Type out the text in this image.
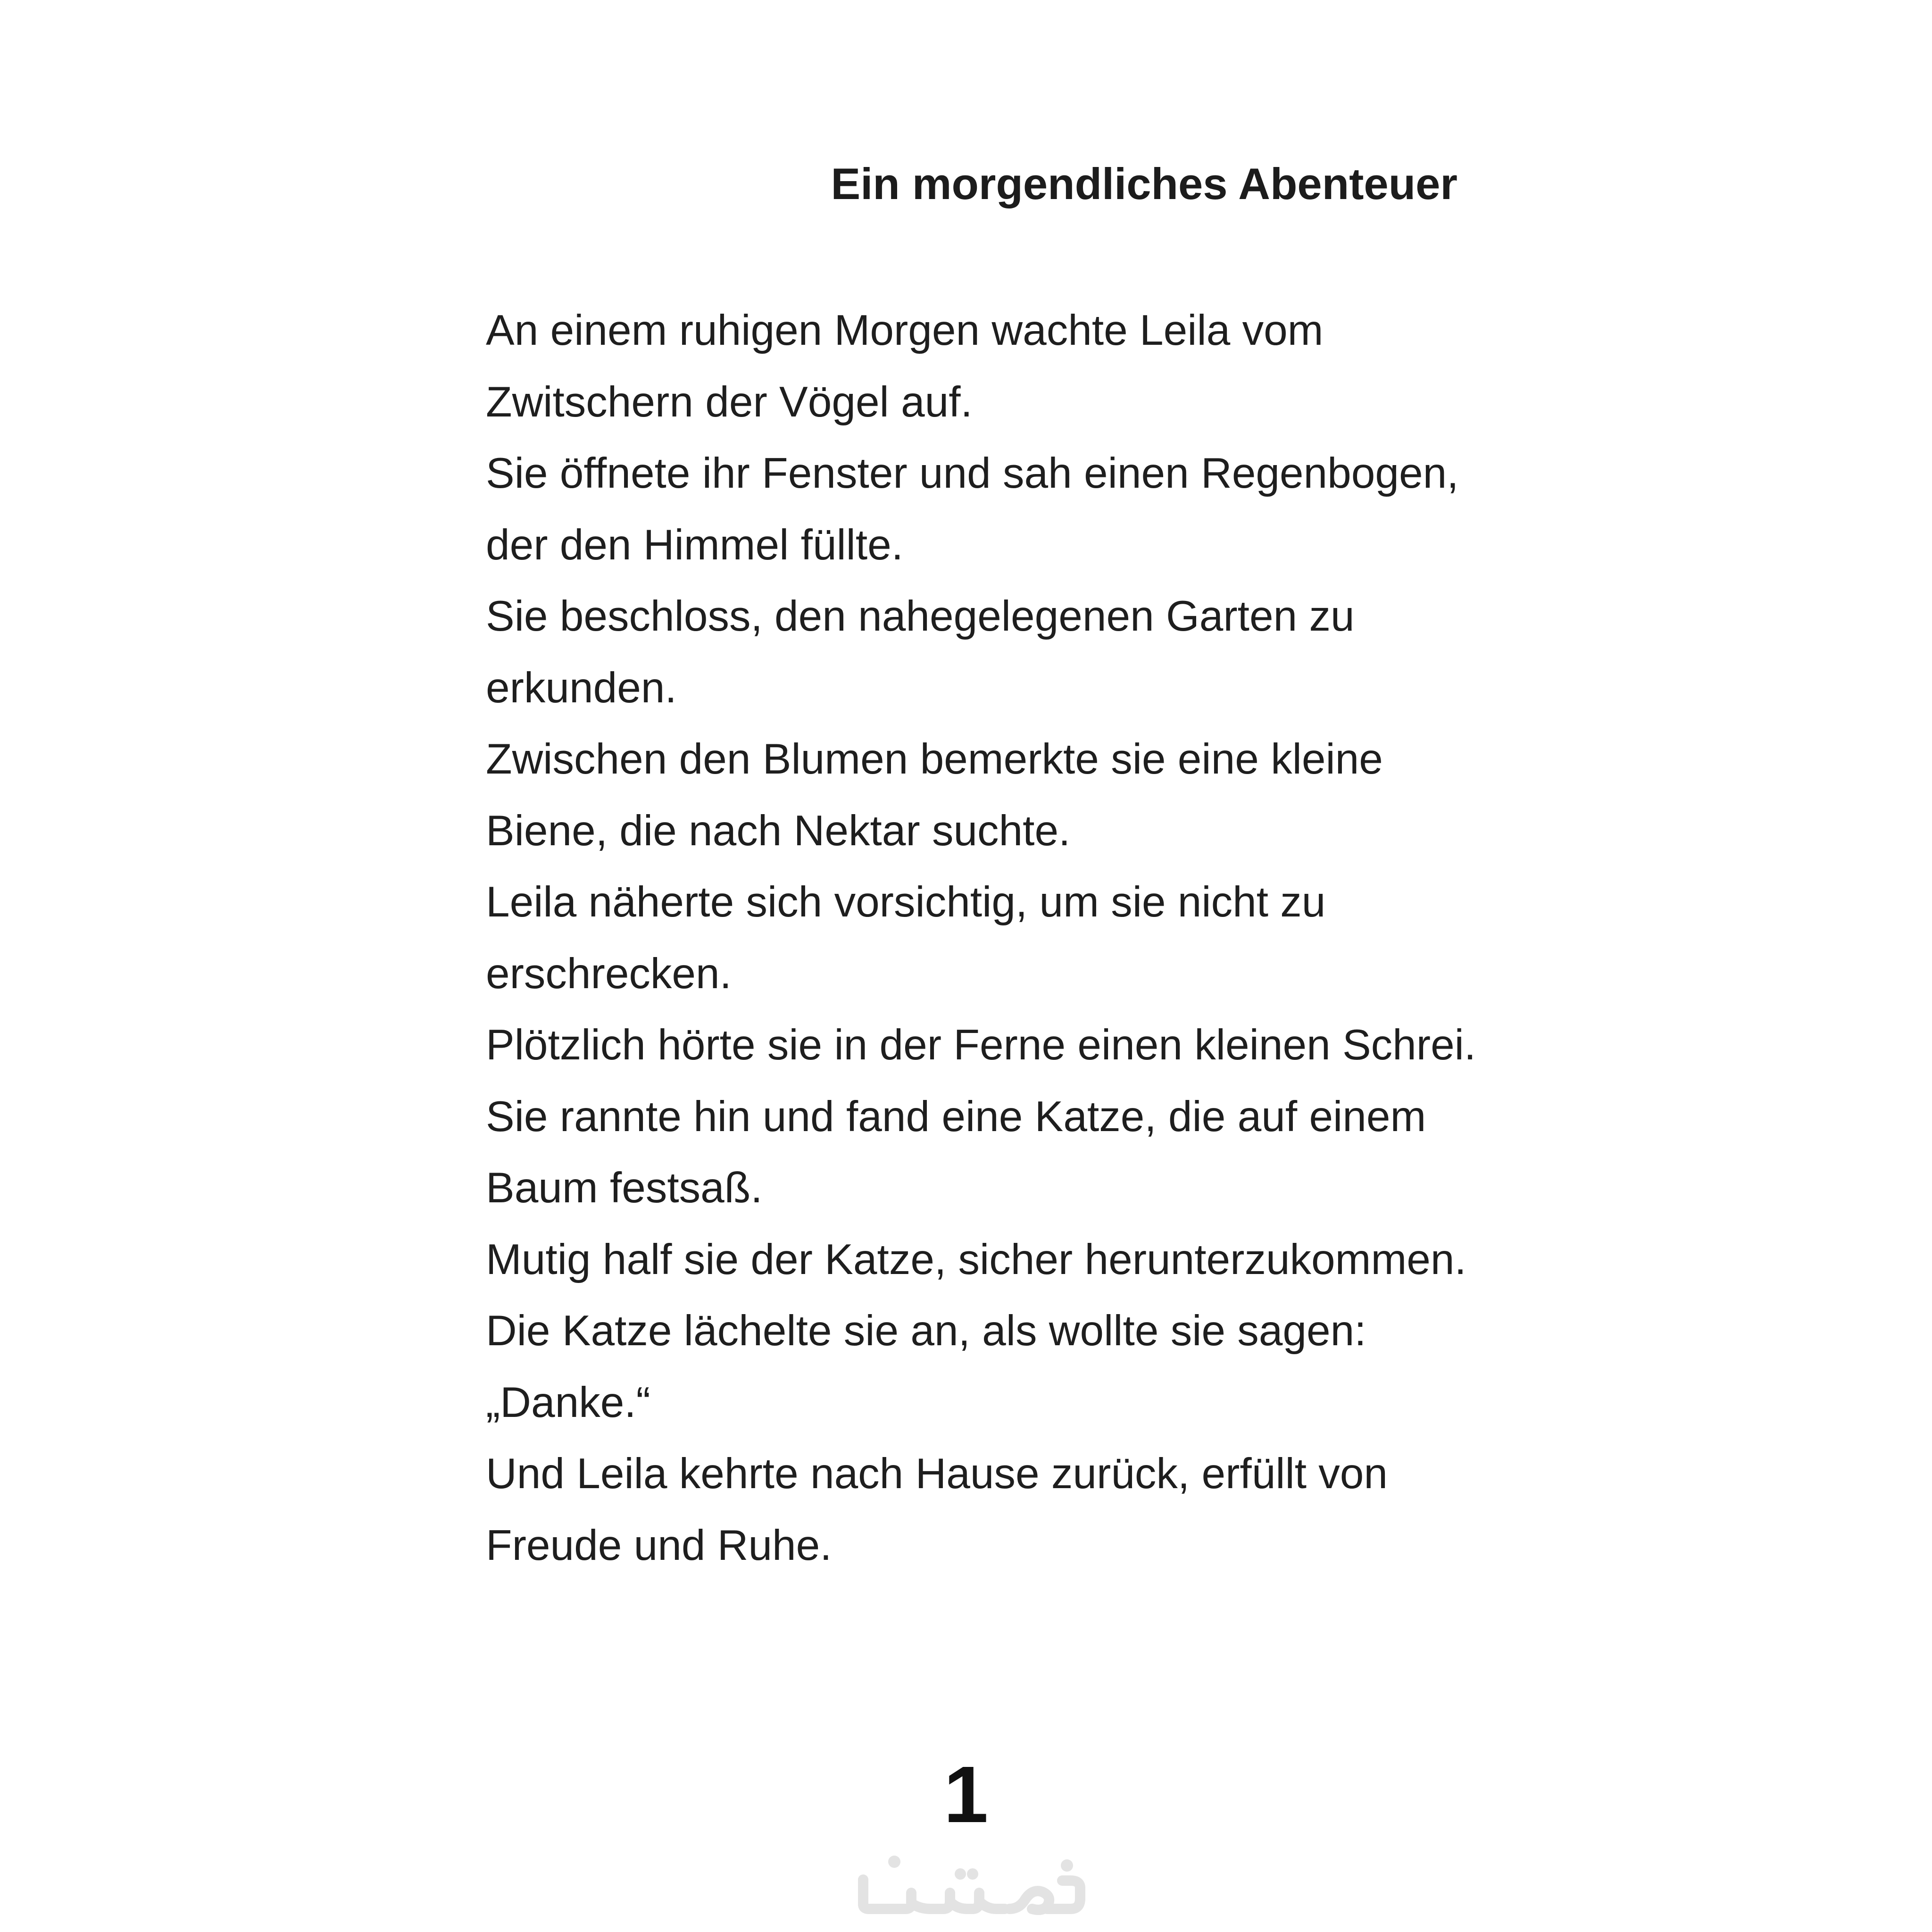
Ein morgendliches Abenteuer
An einem ruhigen Morgen wachte Leila vom Zwitschern der Vögel auf.
Sie öffnete ihr Fenster und sah einen Regenbogen, der den Himmel füllte.
Sie beschloss, den nahegelegenen Garten zu erkunden.
Zwischen den Blumen bemerkte sie eine kleine Biene, die nach Nektar suchte.
Leila näherte sich vorsichtig, um sie nicht zu erschrecken.
Plötzlich hörte sie in der Ferne einen kleinen Schrei.
Sie rannte hin und fand eine Katze, die auf einem Baum festsaß.
Mutig half sie der Katze, sicher herunterzukommen.
Die Katze lächelte sie an, als wollte sie sagen: „Danke.“
Und Leila kehrte nach Hause zurück, erfüllt von Freude und Ruhe.
1
